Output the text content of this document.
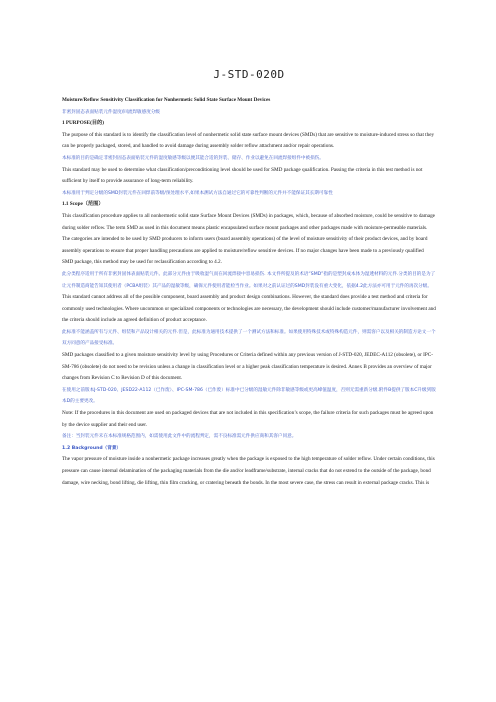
J-STD-020D

Moisture/Reflow Sensitivity Classification for Nonhermetic Solid State Surface Mount Devices

非密封固态表面贴装元件湿度/回流焊敏感度分级

1 PURPOSE(目的)

The purpose of this standard is to identify the classification level of nonhermetic solid state surface mount devices (SMDs) that are sensitive to moisture-induced stress so that they can be properly packaged, stored, and handled to avoid damage during assembly solder reflow attachment and/or repair operations.

本标准的目的是确定非密封固态表面贴装元件的湿度敏感等级以便其能合适的封装、储存、作业以避免在回流焊接组件中被损伤。

This standard may be used to determine what classification/preconditioning level should be used for SMD package qualification. Passing the criteria in this test method is not sufficient by itself to provide assurance of long-term reliability.

本标准用于判定分级的SMD封装元件在回焊前等级/预处理水平,如果本测试方法自通过它的可靠性判断的元件并不能保证其长期可靠性

1.1 Scope（范围）

This classification procedure applies to all nonhermetic solid state Surface Mount Devices (SMDs) in packages, which, because of absorbed moisture, could be sensitive to damage during solder reflow. The term SMD as used in this document means plastic encapsulated surface mount packages and other packages made with moisture-permeable materials. The categories are intended to be used by SMD producers to inform users (board assembly operations) of the level of moisture sensitivity of their product devices, and by board assembly operations to ensure that proper handling precautions are applied to moisture/reflow sensitive devices. If no major changes have been made to a previously qualified SMD package, this method may be used for reclassification according to 4.2.

此分类程序适用于所有非密封固体表面贴装元件。此部分元件由于吸收湿气而在回流焊接中容易损伤. 本文件所提及的术语“SMD”指的是塑封成本体为湿透材料的元件.分类的目的是为了让元件制造商能告知其使用者（PCBA组装）其产品的湿敏等级，确保元件使用者能检当作业。如果对之前认证过的SMD封装没有重大变化，依据4.2此方法亦可用于元件的再次分级。

This standard cannot address all of the possible component, board assembly and product design combinations. However, the standard does provide a test method and criteria for commonly used technologies. Where uncommon or specialized components or technologies are necessary, the development should include customer/manufacturer involvement and the criteria should include an agreed definition of product acceptance.

此标准不能涵盖所有与元件、组装和产品设计相关的元件.但是，此标准为通用技术提供了一个测试方法和标准。如果使用特殊技术或特殊构造元件，则需客户以及相关的制造方论文一个双方同意的产品接受标准。

SMD packages classified to a given moisture sensitivity level by using Procedures or Criteria defined within any previous version of J-STD-020, JEDEC-A112 (obsolete), or IPC-SM-786 (obsolete) do not need to be revision unless a change in classification level or a higher peak classification temperature is desired. Annex B provides an overview of major changes from Revision C to Revision D of this document.

在使用之前版本J-STD-020、JESD22-A112（已作废）、IPC-SM-786（已作废）标准中已分级的湿敏元件除非敏感等级或更高峰值温度，否则无需重新分级.附件B提供了版本C升级到版本D的主要更改。

Note: If the procedures in this document are used on packaged devices that are not included in this specification’s scope, the failure criteria for such packages must be agreed upon by the device supplier and their end user.

备注：当封装元件未在本标准规格范围内，如需使用此文件中的流程判定，需不良标准需元件供应商和其客户同意。

1.2 Background（背景）

The vapor pressure of moisture inside a nonhermetic package increases greatly when the package is exposed to the high temperature of solder reflow. Under certain conditions, this pressure can cause internal delamination of the packaging materials from the die and/or leadframe/substrate, internal cracks that do not extend to the outside of the package, bond damage, wire necking, bond lifting, die lifting, thin film cracking, or cratering beneath the bonds. In the most severe case, the stress can result in external package cracks. This is
